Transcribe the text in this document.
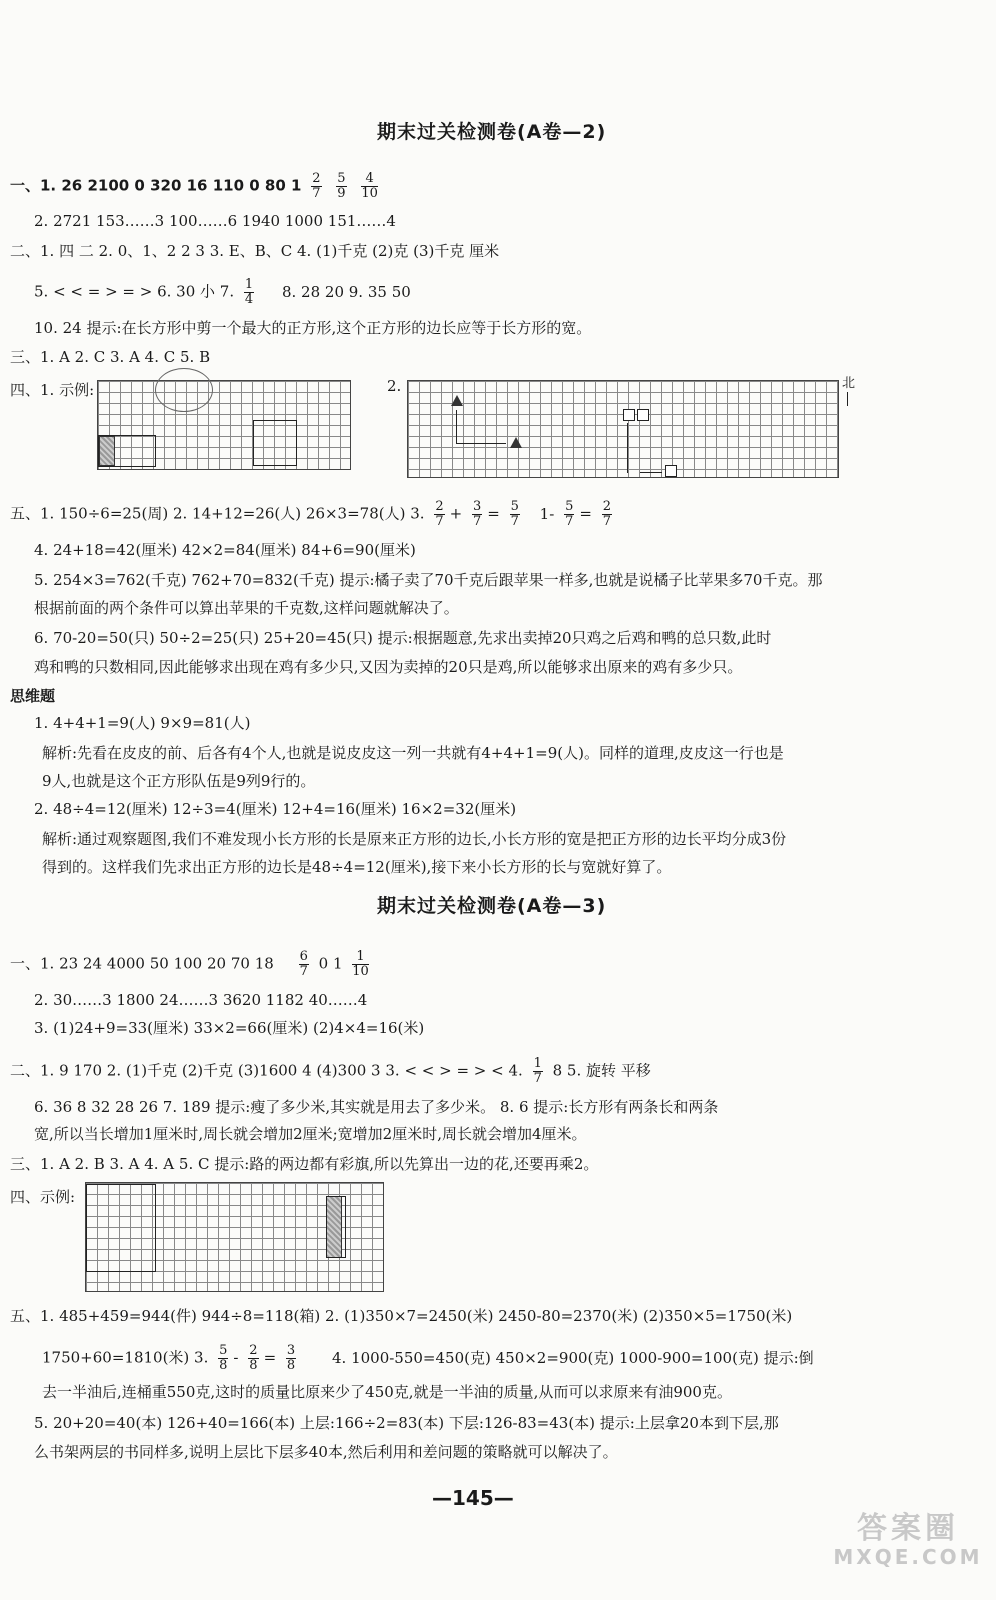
期末过关检测卷(A卷—2)
一、1. 26 2100 0 320 16 110 0 80 $1 \frac{2}{7}$
$\frac{5}{9}$
$\frac{4}{10}$
2. 2721 153……3 100……6 1940 1000 151……4
二、1. 四 二 2. 0、1、2 2 3 3. E、B、C 4. (1)千克 (2)克 (3)千克 厘米
5. < < = > = > 6. 30 小 7. $\frac{1}{4} 8$. 28 20 9. 35 50
10. 24 提示:在长方形中剪一个最大的正方形,这个正方形的边长应等于长方形的宽。
三、1. A 2. C 3. A 4. C 5. B
四、1. 示例:	2.	北
五、1. 150÷6=25(周) 2. 14+12=26(人) 26×3=78(人) 3. $\frac{2}{7} + \frac{3}{7} = \frac{5}{7} 1- \frac{5}{7} = \frac{2}{7}$
4. 24+18=42(厘米) 42×2=84(厘米) 84+6=90(厘米)
5. 254×3=762(千克) 762+70=832(千克) 提示:橘子卖了70千克后跟苹果一样多,也就是说橘子比苹果多70千克。那
根据前面的两个条件可以算出苹果的千克数,这样问题就解决了。
6. 70-20=50(只) 50÷2=25(只) 25+20=45(只) 提示:根据题意,先求出卖掉20只鸡之后鸡和鸭的总只数,此时
鸡和鸭的只数相同,因此能够求出现在鸡有多少只,又因为卖掉的20只是鸡,所以能够求出原来的鸡有多少只。
思维题
1. 4+4+1=9(人) 9×9=81(人)
解析:先看在皮皮的前、后各有4个人,也就是说皮皮这一列一共就有4+4+1=9(人)。同样的道理,皮皮这一行也是
9人,也就是这个正方形队伍是9列9行的。
2. 48÷4=12(厘米) 12÷3=4(厘米) 12+4=16(厘米) 16×2=32(厘米)
解析:通过观察题图,我们不难发现小长方形的长是原来正方形的边长,小长方形的宽是把正方形的边长平均分成3份
得到的。这样我们先求出正方形的边长是48÷4=12(厘米),接下来小长方形的长与宽就好算了。
期末过关检测卷(A卷—3)
一、1. 23 24 4000 50 100 20 70 $18 \frac{6}{7} 0$ $1 \frac{1}{10}$
2. 30……3 1800 24……3 3620 1182 40……4
3. (1)24+9=33(厘米) 33×2=66(厘米) (2)4×4=16(米)
二、1. 9 170 2. (1)千克 (2)千克 (3)1600 4 (4)300 3 3. < < > = > < 4. $\frac{1}{7} 8$ 5. 旋转 平移
6. 36 8 32 28 26 7. 189 提示:瘦了多少米,其实就是用去了多少米。 8. 6 提示:长方形有两条长和两条
宽,所以当长增加1厘米时,周长就会增加2厘米;宽增加2厘米时,周长就会增加4厘米。
三、1. A 2. B 3. A 4. A 5. C 提示:路的两边都有彩旗,所以先算出一边的花,还要再乘2。
四、示例:
五、1. 485+459=944(件) 944÷8=118(箱) 2. (1)350×7=2450(米) 2450-80=2370(米) (2)350×5=1750(米)
1750+60=1810(米) 3. $\frac{5}{8} - \frac{2}{8} = \frac{3}{8} 4$. 1000-550=450(克) 450×2=900(克) 1000-900=100(克) 提示:倒
去一半油后,连桶重550克,这时的质量比原来少了450克,就是一半油的质量,从而可以求原来有油900克。
5. 20+20=40(本) 126+40=166(本) 上层:166÷2=83(本) 下层:126-83=43(本) 提示:上层拿20本到下层,那
么书架两层的书同样多,说明上层比下层多40本,然后利用和差问题的策略就可以解决了。
—145—
答案圈
MXQE.COM
